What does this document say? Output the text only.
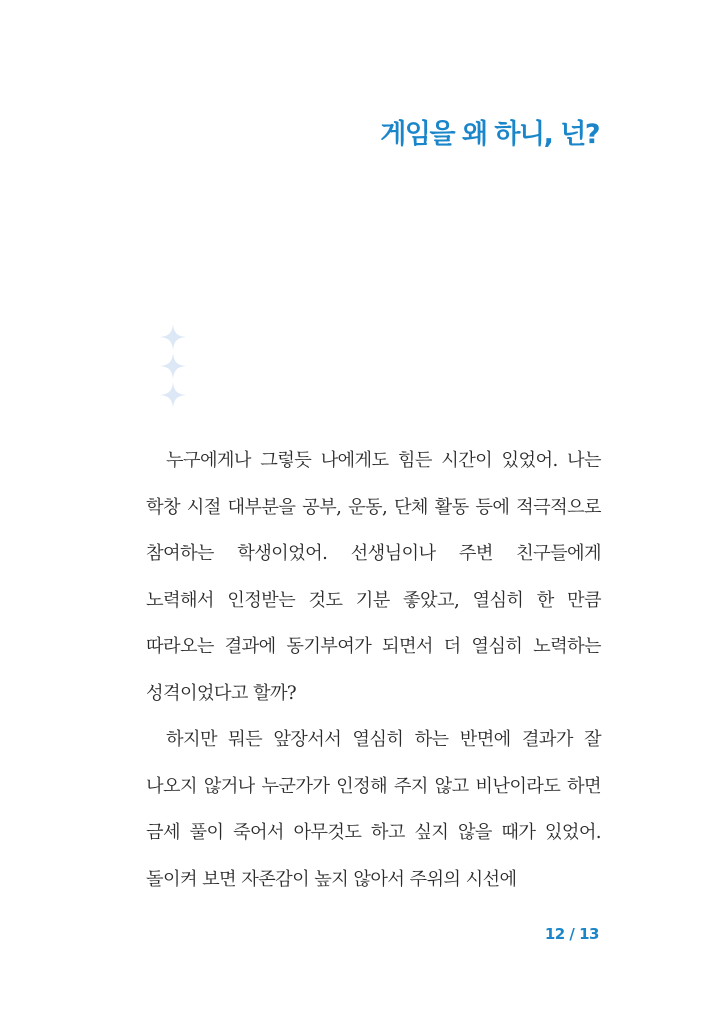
게임을 왜 하니, 넌?

누구에게나 그렇듯 나에게도 힘든 시간이 있었어. 나는 학창 시절 대부분을 공부, 운동, 단체 활동 등에 적극적으로 참여하는 학생이었어. 선생님이나 주변 친구들에게 노력해서 인정받는 것도 기분 좋았고, 열심히 한 만큼 따라오는 결과에 동기부여가 되면서 더 열심히 노력하는 성격이었다고 할까?

하지만 뭐든 앞장서서 열심히 하는 반면에 결과가 잘 나오지 않거나 누군가가 인정해 주지 않고 비난이라도 하면 금세 풀이 죽어서 아무것도 하고 싶지 않을 때가 있었어. 돌이켜 보면 자존감이 높지 않아서 주위의 시선에

12 / 13
